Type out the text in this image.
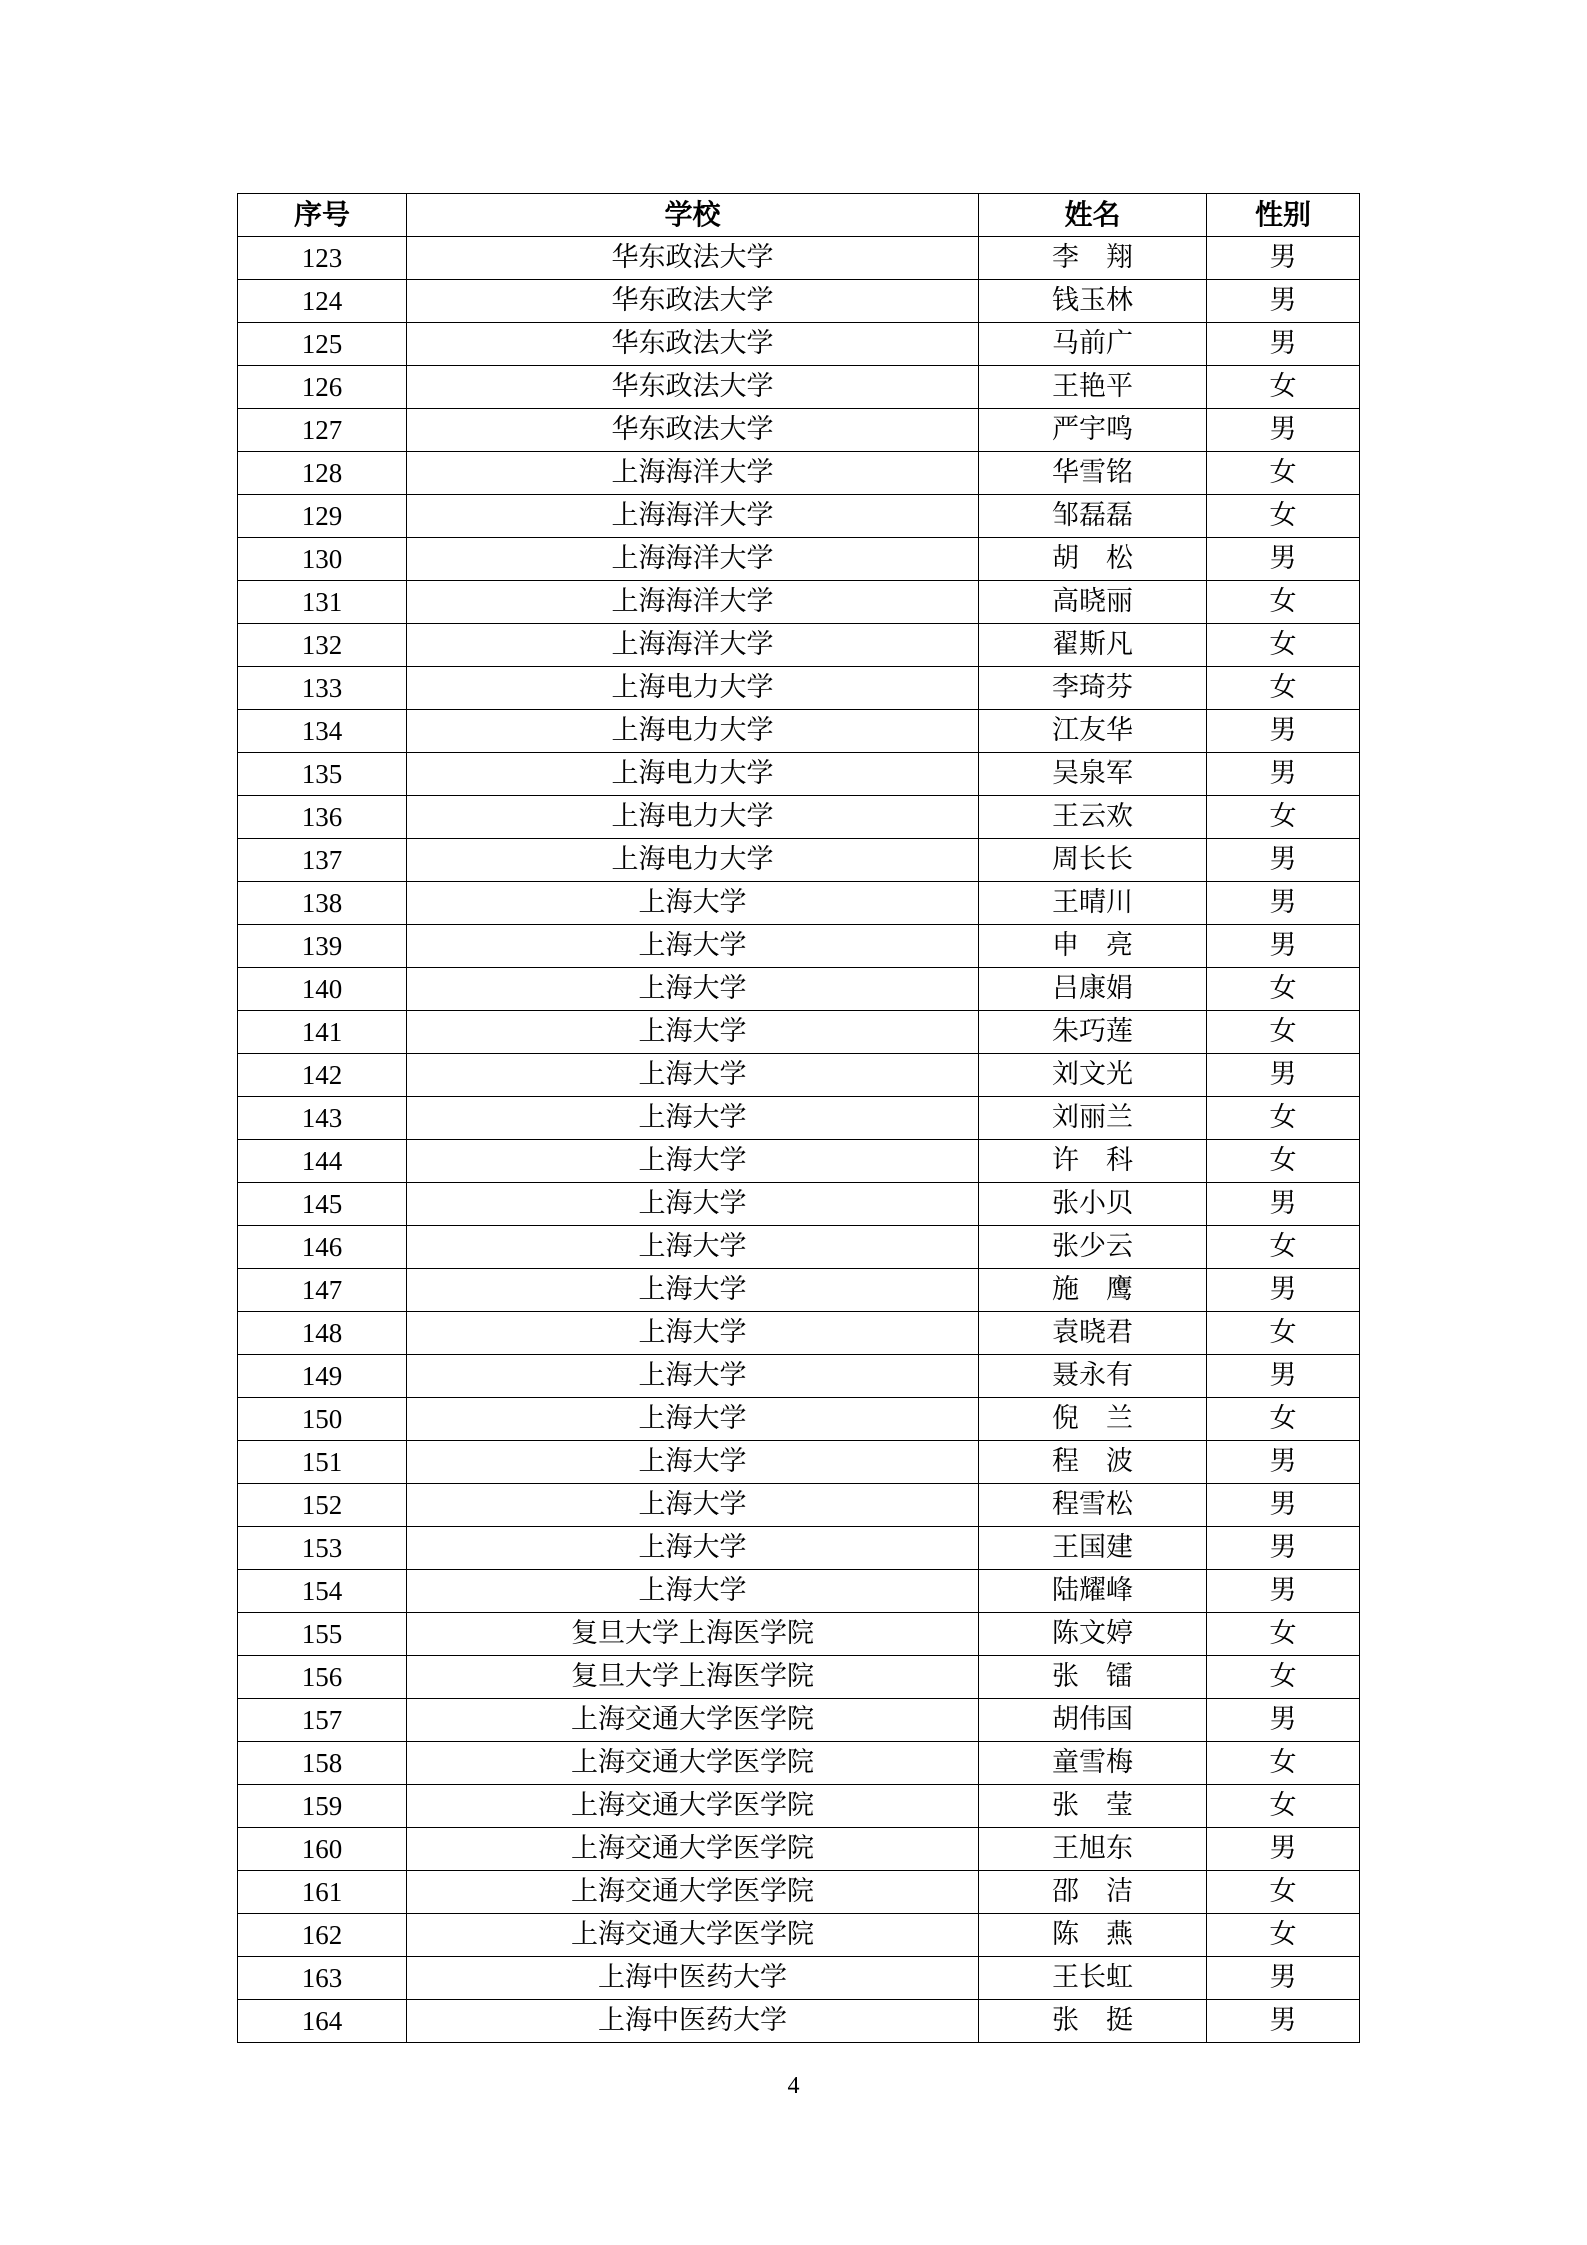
序号	学校	姓名	性别
123	华东政法大学	李　翔	男
124	华东政法大学	钱玉林	男
125	华东政法大学	马前广	男
126	华东政法大学	王艳平	女
127	华东政法大学	严宇鸣	男
128	上海海洋大学	华雪铭	女
129	上海海洋大学	邹磊磊	女
130	上海海洋大学	胡　松	男
131	上海海洋大学	高晓丽	女
132	上海海洋大学	翟斯凡	女
133	上海电力大学	李琦芬	女
134	上海电力大学	江友华	男
135	上海电力大学	吴泉军	男
136	上海电力大学	王云欢	女
137	上海电力大学	周长长	男
138	上海大学	王晴川	男
139	上海大学	申　亮	男
140	上海大学	吕康娟	女
141	上海大学	朱巧莲	女
142	上海大学	刘文光	男
143	上海大学	刘丽兰	女
144	上海大学	许　科	女
145	上海大学	张小贝	男
146	上海大学	张少云	女
147	上海大学	施　鹰	男
148	上海大学	袁晓君	女
149	上海大学	聂永有	男
150	上海大学	倪　兰	女
151	上海大学	程　波	男
152	上海大学	程雪松	男
153	上海大学	王国建	男
154	上海大学	陆耀峰	男
155	复旦大学上海医学院	陈文婷	女
156	复旦大学上海医学院	张　镭	女
157	上海交通大学医学院	胡伟国	男
158	上海交通大学医学院	童雪梅	女
159	上海交通大学医学院	张　莹	女
160	上海交通大学医学院	王旭东	男
161	上海交通大学医学院	邵　洁	女
162	上海交通大学医学院	陈　燕	女
163	上海中医药大学	王长虹	男
164	上海中医药大学	张　挺	男
4
